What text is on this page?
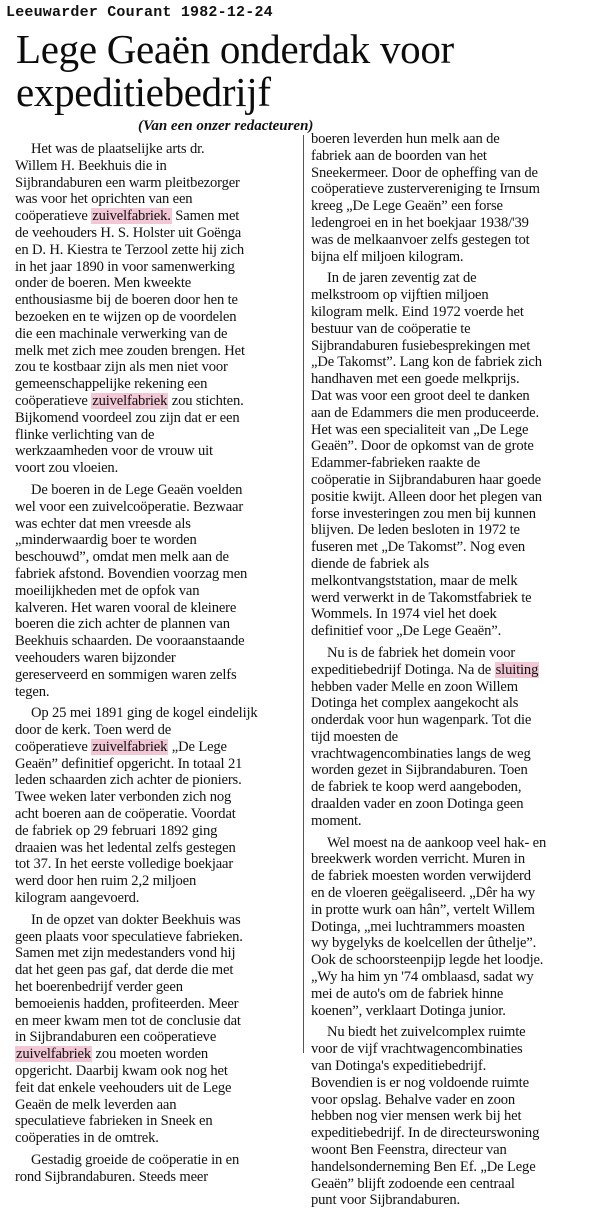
Leeuwarder Courant 1982-12-24
Lege Geaën onderdak voor
expeditiebedrijf
(Van een onzer redacteuren)

Het was de plaatselijke arts dr.
Willem H. Beekhuis die in
Sijbrandaburen een warm pleitbezorger
was voor het oprichten van een
coöperatieve zuivelfabriek. Samen met
de veehouders H. S. Holster uit Goënga
en D. H. Kiestra te Terzool zette hij zich
in het jaar 1890 in voor samenwerking
onder de boeren. Men kweekte
enthousiasme bij de boeren door hen te
bezoeken en te wijzen op de voordelen
die een machinale verwerking van de
melk met zich mee zouden brengen. Het
zou te kostbaar zijn als men niet voor
gemeenschappelijke rekening een
coöperatieve zuivelfabriek zou stichten.
Bijkomend voordeel zou zijn dat er een
flinke verlichting van de
werkzaamheden voor de vrouw uit
voort zou vloeien.

De boeren in de Lege Geaën voelden
wel voor een zuivelcoöperatie. Bezwaar
was echter dat men vreesde als
„minderwaardig boer te worden
beschouwd”, omdat men melk aan de
fabriek afstond. Bovendien voorzag men
moeilijkheden met de opfok van
kalveren. Het waren vooral de kleinere
boeren die zich achter de plannen van
Beekhuis schaarden. De vooraanstaande
veehouders waren bijzonder
gereserveerd en sommigen waren zelfs
tegen.

Op 25 mei 1891 ging de kogel eindelijk
door de kerk. Toen werd de
coöperatieve zuivelfabriek „De Lege
Geaën” definitief opgericht. In totaal 21
leden schaarden zich achter de pioniers.
Twee weken later verbonden zich nog
acht boeren aan de coöperatie. Voordat
de fabriek op 29 februari 1892 ging
draaien was het ledental zelfs gestegen
tot 37. In het eerste volledige boekjaar
werd door hen ruim 2,2 miljoen
kilogram aangevoerd.

In de opzet van dokter Beekhuis was
geen plaats voor speculatieve fabrieken.
Samen met zijn medestanders vond hij
dat het geen pas gaf, dat derde die met
het boerenbedrijf verder geen
bemoeienis hadden, profiteerden. Meer
en meer kwam men tot de conclusie dat
in Sijbrandaburen een coöperatieve
zuivelfabriek zou moeten worden
opgericht. Daarbij kwam ook nog het
feit dat enkele veehouders uit de Lege
Geaën de melk leverden aan
speculatieve fabrieken in Sneek en
coöperaties in de omtrek.

Gestadig groeide de coöperatie in en
rond Sijbrandaburen. Steeds meer

boeren leverden hun melk aan de
fabriek aan de boorden van het
Sneekermeer. Door de opheffing van de
coöperatieve zustervereniging te Irnsum
kreeg „De Lege Geaën” een forse
ledengroei en in het boekjaar 1938/'39
was de melkaanvoer zelfs gestegen tot
bijna elf miljoen kilogram.

In de jaren zeventig zat de
melkstroom op vijftien miljoen
kilogram melk. Eind 1972 voerde het
bestuur van de coöperatie te
Sijbrandaburen fusiebesprekingen met
„De Takomst”. Lang kon de fabriek zich
handhaven met een goede melkprijs.
Dat was voor een groot deel te danken
aan de Edammers die men produceerde.
Het was een specialiteit van „De Lege
Geaën”. Door de opkomst van de grote
Edammer-fabrieken raakte de
coöperatie in Sijbrandaburen haar goede
positie kwijt. Alleen door het plegen van
forse investeringen zou men bij kunnen
blijven. De leden besloten in 1972 te
fuseren met „De Takomst”. Nog even
diende de fabriek als
melkontvangststation, maar de melk
werd verwerkt in de Takomstfabriek te
Wommels. In 1974 viel het doek
definitief voor „De Lege Geaën”.

Nu is de fabriek het domein voor
expeditiebedrijf Dotinga. Na de sluiting
hebben vader Melle en zoon Willem
Dotinga het complex aangekocht als
onderdak voor hun wagenpark. Tot die
tijd moesten de
vrachtwagencombinaties langs de weg
worden gezet in Sijbrandaburen. Toen
de fabriek te koop werd aangeboden,
draalden vader en zoon Dotinga geen
moment.

Wel moest na de aankoop veel hak- en
breekwerk worden verricht. Muren in
de fabriek moesten worden verwijderd
en de vloeren geëgaliseerd. „Dêr ha wy
in protte wurk oan hân”, vertelt Willem
Dotinga, „mei luchtrammers moasten
wy bygelyks de koelcellen der ûthelje”.
Ook de schoorsteenpijp legde het loodje.
„Wy ha him yn '74 omblaasd, sadat wy
mei de auto's om de fabriek hinne
koenen”, verklaart Dotinga junior.

Nu biedt het zuivelcomplex ruimte
voor de vijf vrachtwagencombinaties
van Dotinga's expeditiebedrijf.
Bovendien is er nog voldoende ruimte
voor opslag. Behalve vader en zoon
hebben nog vier mensen werk bij het
expeditiebedrijf. In de directeurswoning
woont Ben Feenstra, directeur van
handelsonderneming Ben Ef. „De Lege
Geaën” blijft zodoende een centraal
punt voor Sijbrandaburen.
